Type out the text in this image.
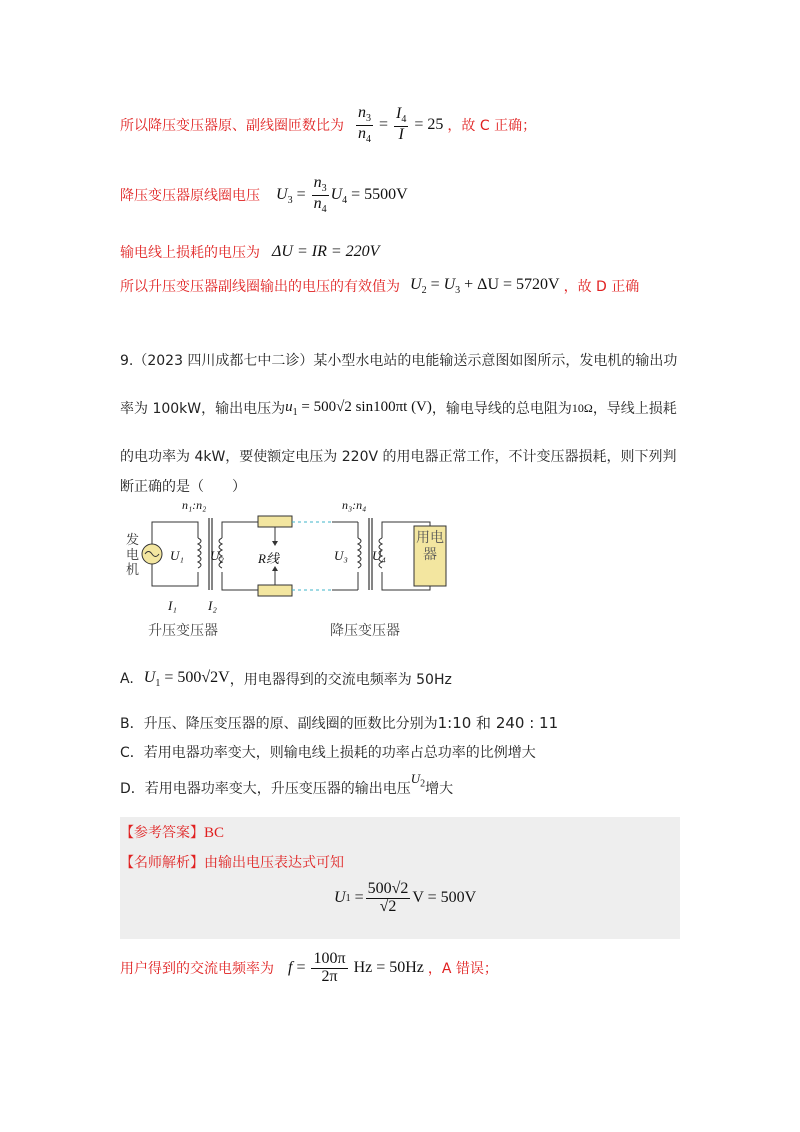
所以降压变压器原、副线圈匝数比为 $\frac{n_3}{n_4} = \frac{I_4}{I} = 25$ ，故 C 正确；
降压变压器原线圈电压 $U_3 = \frac{n_3}{n_4} U_4 = 5500V$
输电线上损耗的电压为 ΔU = IR = 220V
所以升压变压器副线圈输出的电压的有效值为 $U_2 = U_3 + \Delta U = 5720V$ ，故 D 正确
9.（2023 四川成都七中二诊）某小型水电站的电能输送示意图如图所示，发电机的输出功
率为 100kW，输出电压为 $u_1 = 500√2$ sin100πt (V) ，输电导线的总电阻为 10Ω ，导线上损耗
的电功率为 4kW，要使额定电压为 220V 的用电器正常工作，不计变压器损耗，则下列判
断正确的是（　　）
发
电
机
n₁:n₂	n₃:n₄
U₁ U₂	R线	U₃ U₄
用电器
I₁ I₂
升压变压器	降压变压器
A. $U_1 = 500√2V$ ，用电器得到的交流电频率为 50Hz
B．升压、降压变压器的原、副线圈的匝数比分别为 1:10 和 240 : 11
C．若用电器功率变大，则输电线上损耗的功率占总功率的比例增大
D．若用电器功率变大，升压变压器的输出电压
$U_2$ 增大
【参考答案】BC
【名师解析】由输出电压表达式可知
U $1 = \frac{500√2}{√2}$ V = 500V
用户得到的交流电频率为 $f = \frac{100\pi}{2\pi}$ Hz = 50Hz ，A 错误；
